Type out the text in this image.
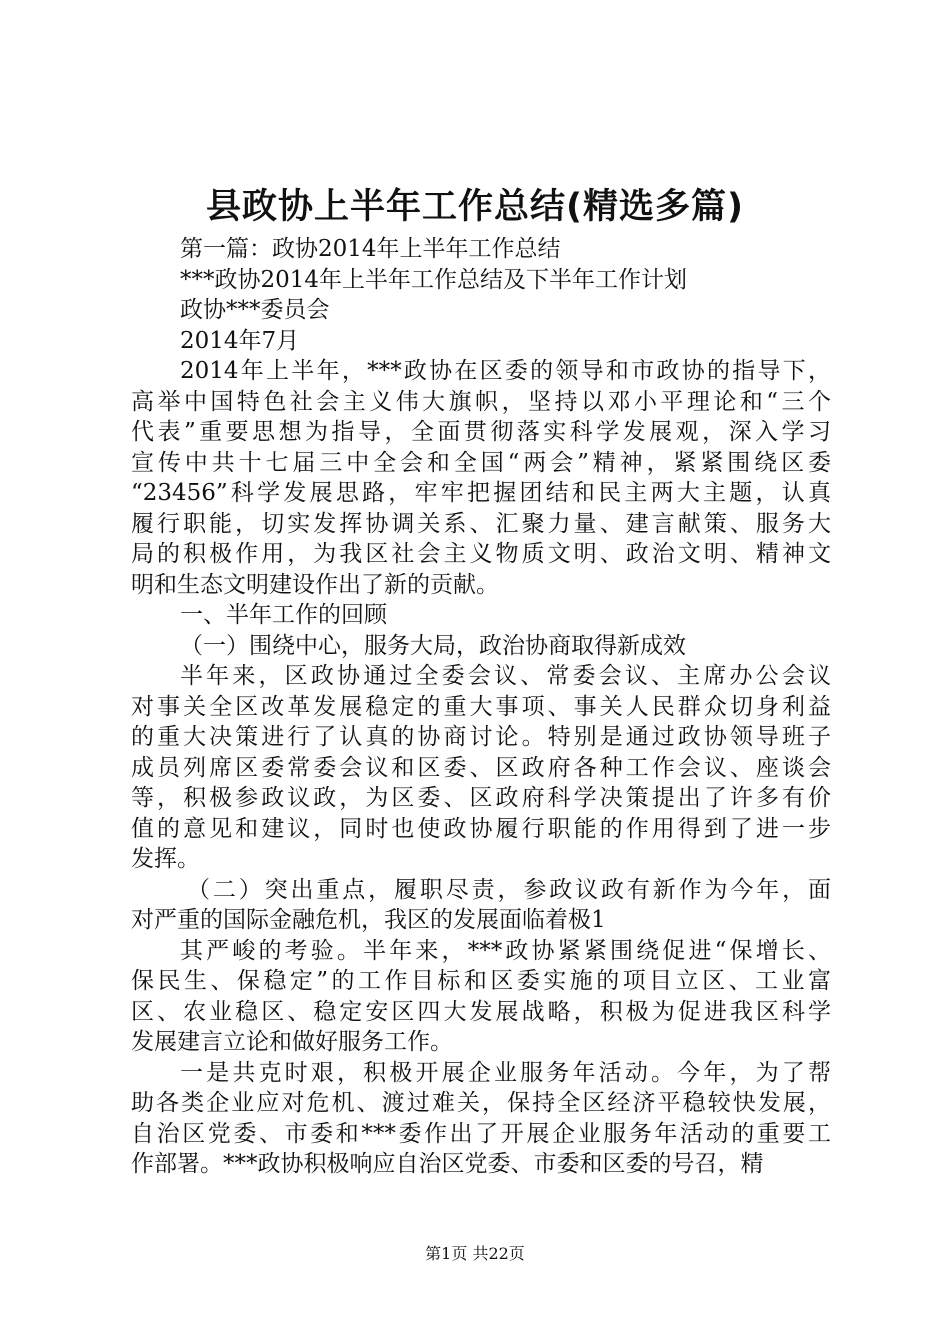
县政协上半年工作总结(精选多篇)
第一篇：政协2014年上半年工作总结
***政协2014年上半年工作总结及下半年工作计划
政协***委员会
2014年7月
2014年上半年，***政协在区委的领导和市政协的指导下，
高举中国特色社会主义伟大旗帜，坚持以邓小平理论和“三个
代表”重要思想为指导，全面贯彻落实科学发展观，深入学习
宣传中共十七届三中全会和全国“两会”精神，紧紧围绕区委
“23456”科学发展思路，牢牢把握团结和民主两大主题，认真
履行职能，切实发挥协调关系、汇聚力量、建言献策、服务大
局的积极作用，为我区社会主义物质文明、政治文明、精神文
明和生态文明建设作出了新的贡献。
一、半年工作的回顾
（一）围绕中心，服务大局，政治协商取得新成效
半年来，区政协通过全委会议、常委会议、主席办公会议
对事关全区改革发展稳定的重大事项、事关人民群众切身利益
的重大决策进行了认真的协商讨论。特别是通过政协领导班子
成员列席区委常委会议和区委、区政府各种工作会议、座谈会
等，积极参政议政，为区委、区政府科学决策提出了许多有价
值的意见和建议，同时也使政协履行职能的作用得到了进一步
发挥。
（二）突出重点，履职尽责，参政议政有新作为今年，面
对严重的国际金融危机，我区的发展面临着极1
其严峻的考验。半年来，***政协紧紧围绕促进“保增长、
保民生、保稳定”的工作目标和区委实施的项目立区、工业富
区、农业稳区、稳定安区四大发展战略，积极为促进我区科学
发展建言立论和做好服务工作。
一是共克时艰，积极开展企业服务年活动。今年，为了帮
助各类企业应对危机、渡过难关，保持全区经济平稳较快发展，
自治区党委、市委和***委作出了开展企业服务年活动的重要工
作部署。***政协积极响应自治区党委、市委和区委的号召，精
第1页 共22页
